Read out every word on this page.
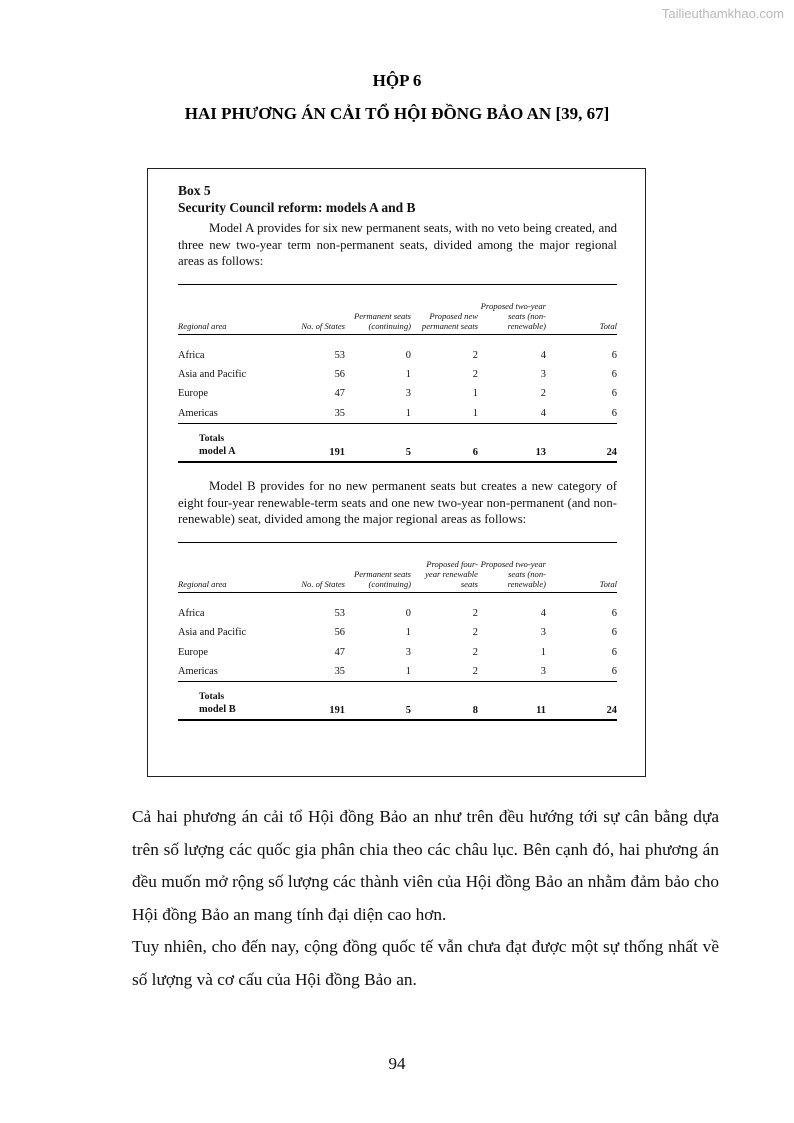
Tailieuthamkhao.com
HỘP 6
HAI PHƯƠNG ÁN CẢI TỔ HỘI ĐỒNG BẢO AN [39, 67]
Box 5
Security Council reform: models A and B

Model A provides for six new permanent seats, with no veto being created, and three new two-year term non-permanent seats, divided among the major regional areas as follows:

Regional area	No. of States	Permanent seats (continuing)	Proposed new permanent seats	Proposed two-year seats (non-renewable)	Total

Africa	53	0	2	4	6
Asia and Pacific	56	1	2	3	6
Europe	47	3	1	2	6
Americas	35	1	1	4	6

Totals
model A	191	5	6	13	24

Model B provides for no new permanent seats but creates a new category of eight four-year renewable-term seats and one new two-year non-permanent (and non-renewable) seat, divided among the major regional areas as follows:

Regional area	No. of States	Permanent seats (continuing)	Proposed four-year renewable seats	Proposed two-year seats (non-renewable)	Total

Africa	53	0	2	4	6
Asia and Pacific	56	1	2	3	6
Europe	47	3	2	1	6
Americas	35	1	2	3	6

Totals
model B	191	5	8	11	24

Cả hai phương án cải tổ Hội đồng Bảo an như trên đều hướng tới sự cân bằng dựa trên số lượng các quốc gia phân chia theo các châu lục. Bên cạnh đó, hai phương án đều muốn mở rộng số lượng các thành viên của Hội đồng Bảo an nhằm đảm bảo cho Hội đồng Bảo an mang tính đại diện cao hơn.

Tuy nhiên, cho đến nay, cộng đồng quốc tế vẫn chưa đạt được một sự thống nhất về số lượng và cơ cấu của Hội đồng Bảo an.

94
